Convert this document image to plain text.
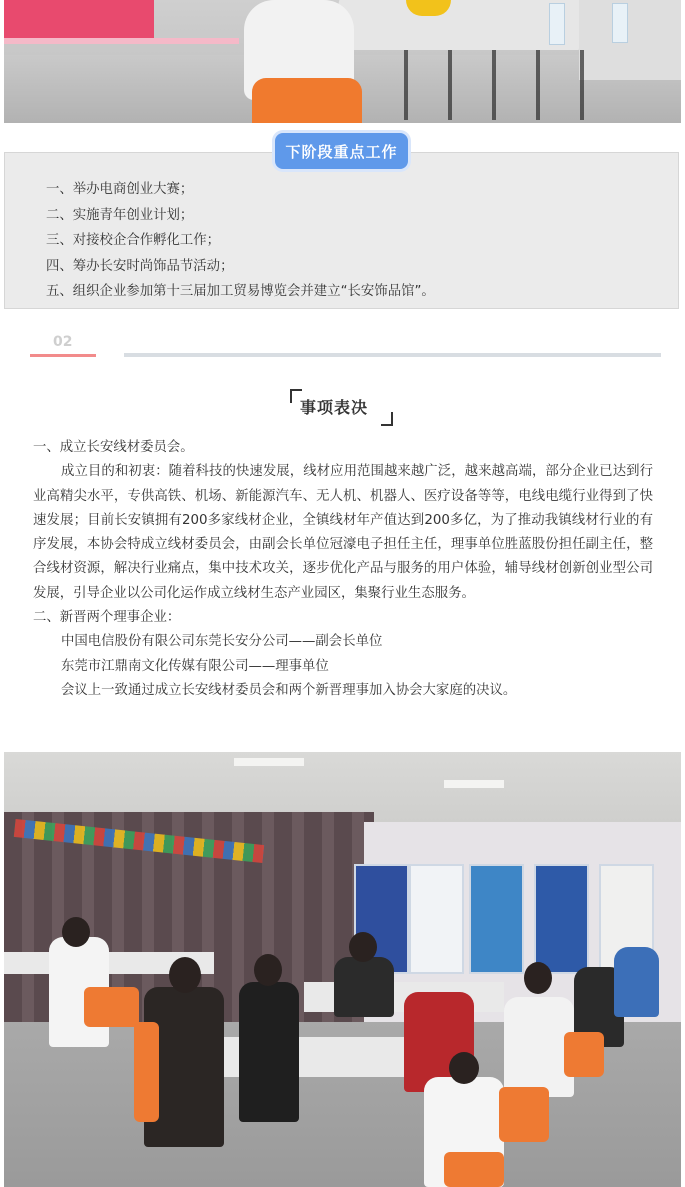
下阶段重点工作
一、举办电商创业大赛；
二、实施青年创业计划；
三、对接校企合作孵化工作；
四、筹办长安时尚饰品节活动；
五、组织企业参加第十三届加工贸易博览会并建立“长安饰品馆”。
02
事项表决

一、成立长安线材委员会。

成立目的和初衷：随着科技的快速发展，线材应用范围越来越广泛，越来越高端，部分企业已达到行业高精尖水平，专供高铁、机场、新能源汽车、无人机、机器人、医疗设备等等，电线电缆行业得到了快速发展；目前长安镇拥有200多家线材企业，全镇线材年产值达到200多亿，为了推动我镇线材行业的有序发展，本协会特成立线材委员会，由副会长单位冠濠电子担任主任，理事单位胜蓝股份担任副主任，整合线材资源，解决行业痛点，集中技术攻关，逐步优化产品与服务的用户体验，辅导线材创新创业型公司发展，引导企业以公司化运作成立线材生态产业园区，集聚行业生态服务。

二、新晋两个理事企业：

中国电信股份有限公司东莞长安分公司——副会长单位

东莞市江鼎南文化传媒有限公司——理事单位

会议上一致通过成立长安线材委员会和两个新晋理事加入协会大家庭的决议。
